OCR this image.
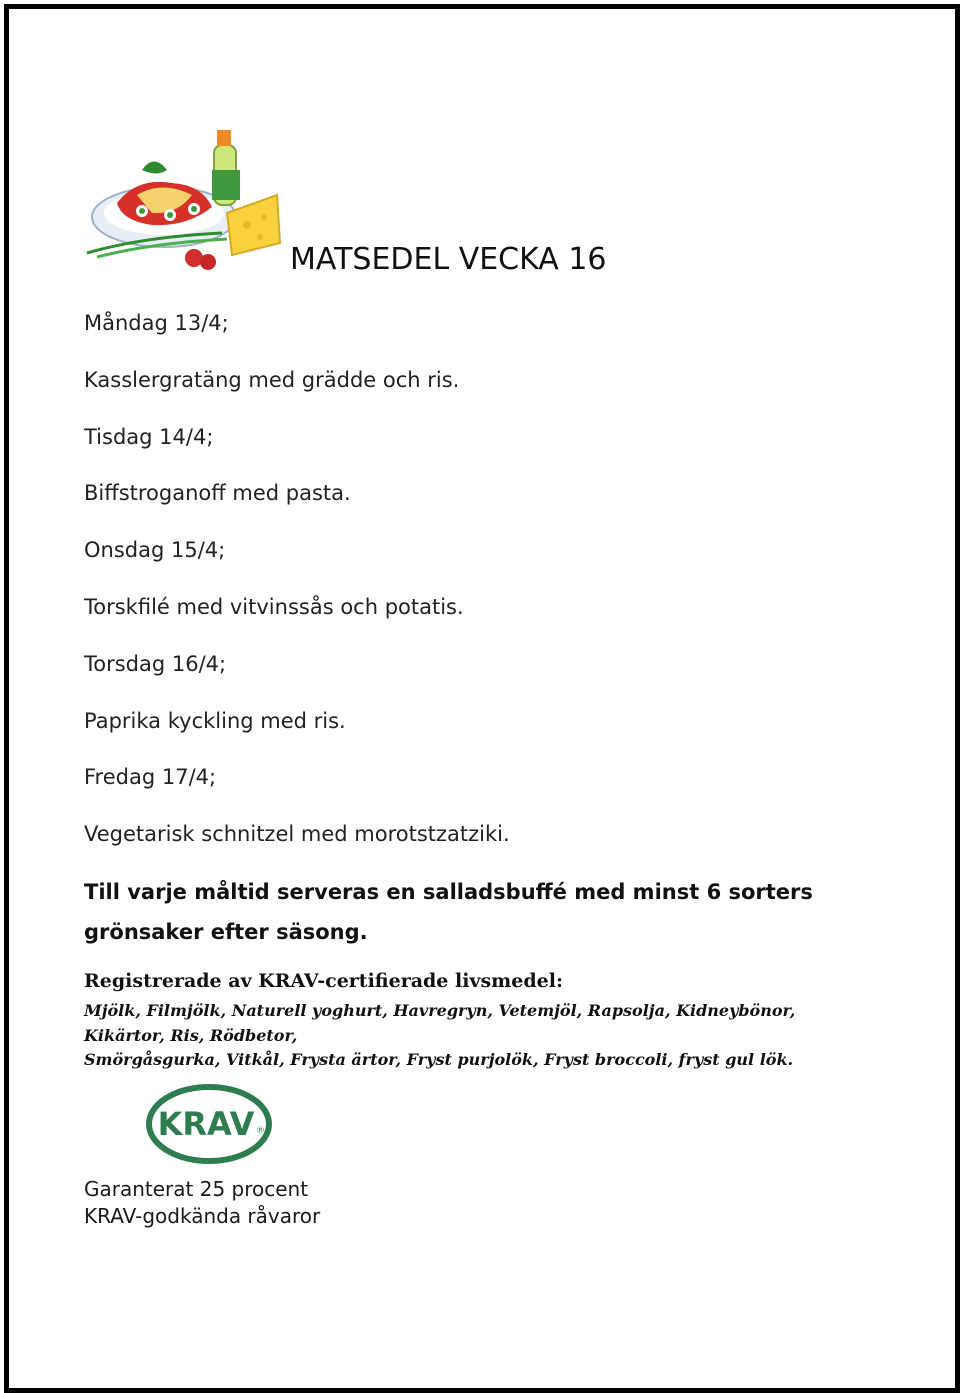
MATSEDEL VECKA 16
Måndag 13/4;
Kasslergratäng med grädde och ris.
Tisdag 14/4;
Biffstroganoff med pasta.
Onsdag 15/4;
Torskfilé med vitvinssås och potatis.
Torsdag 16/4;
Paprika kyckling med ris.
Fredag 17/4;
Vegetarisk schnitzel med morotstzatziki.
Till varje måltid serveras en salladsbuffé med minst 6 sorters grönsaker efter säsong.
Registrerade av KRAV-certifierade livsmedel:
Mjölk, Filmjölk, Naturell yoghurt, Havregryn, Vetemjöl, Rapsolja, Kidneybönor,
Kikärtor, Ris, Rödbetor,
Smörgåsgurka, Vitkål, Frysta ärtor, Fryst purjolök, Fryst broccoli, fryst gul lök.
KRAV ®
Garanterat 25 procent
KRAV-godkända råvaror
